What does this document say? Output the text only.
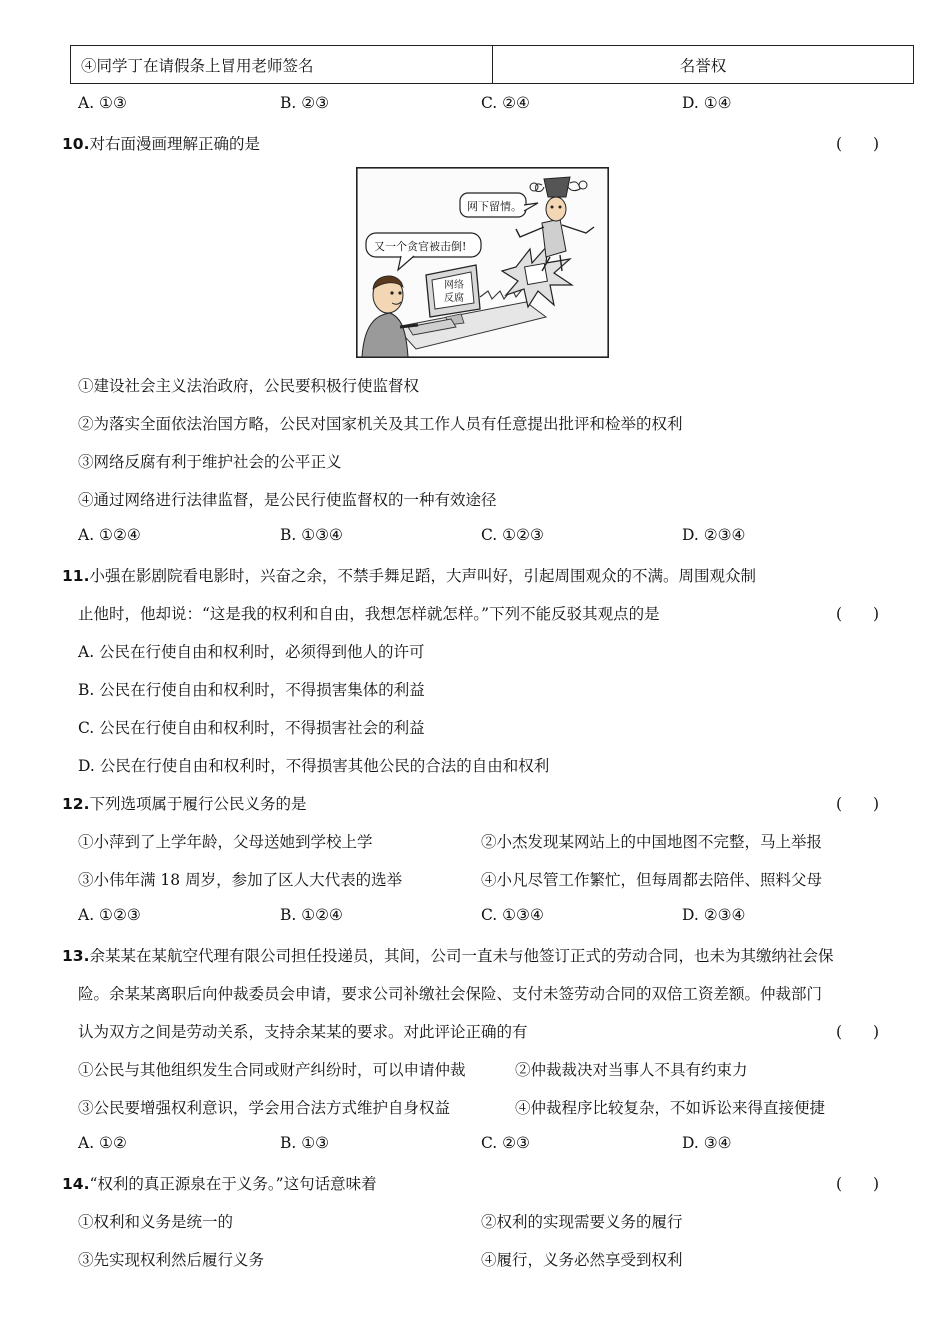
④同学丁在请假条上冒用老师签名	名誉权
A. ①③	B. ②③	C. ②④	D. ①④
10.对右面漫画理解正确的是	(　　)
网络
反腐
又一个贪官被击倒!
网下留情。
①建设社会主义法治政府，公民要积极行使监督权
②为落实全面依法治国方略，公民对国家机关及其工作人员有任意提出批评和检举的权利
③网络反腐有利于维护社会的公平正义
④通过网络进行法律监督，是公民行使监督权的一种有效途径
A. ①②④	B. ①③④	C. ①②③	D. ②③④
11.小强在影剧院看电影时，兴奋之余，不禁手舞足蹈，大声叫好，引起周围观众的不满。周围观众制
止他时，他却说：“这是我的权利和自由，我想怎样就怎样。”下列不能反驳其观点的是	(　　)
A. 公民在行使自由和权利时，必须得到他人的许可
B. 公民在行使自由和权利时，不得损害集体的利益
C. 公民在行使自由和权利时，不得损害社会的利益
D. 公民在行使自由和权利时，不得损害其他公民的合法的自由和权利
12.下列选项属于履行公民义务的是	(　　)
①小萍到了上学年龄，父母送她到学校上学	②小杰发现某网站上的中国地图不完整，马上举报
③小伟年满 18 周岁，参加了区人大代表的选举	④小凡尽管工作繁忙，但每周都去陪伴、照料父母
A. ①②③	B. ①②④	C. ①③④	D. ②③④
13.余某某在某航空代理有限公司担任投递员，其间，公司一直未与他签订正式的劳动合同，也未为其缴纳社会保
险。余某某离职后向仲裁委员会申请，要求公司补缴社会保险、支付未签劳动合同的双倍工资差额。仲裁部门
认为双方之间是劳动关系，支持余某某的要求。对此评论正确的有	(　　)
①公民与其他组织发生合同或财产纠纷时，可以申请仲裁	②仲裁裁决对当事人不具有约束力
③公民要增强权利意识，学会用合法方式维护自身权益	④仲裁程序比较复杂，不如诉讼来得直接便捷
A. ①②	B. ①③	C. ②③	D. ③④
14.“权利的真正源泉在于义务。”这句话意味着	(　　)
①权利和义务是统一的	②权利的实现需要义务的履行
③先实现权利然后履行义务	④履行，义务必然享受到权利
